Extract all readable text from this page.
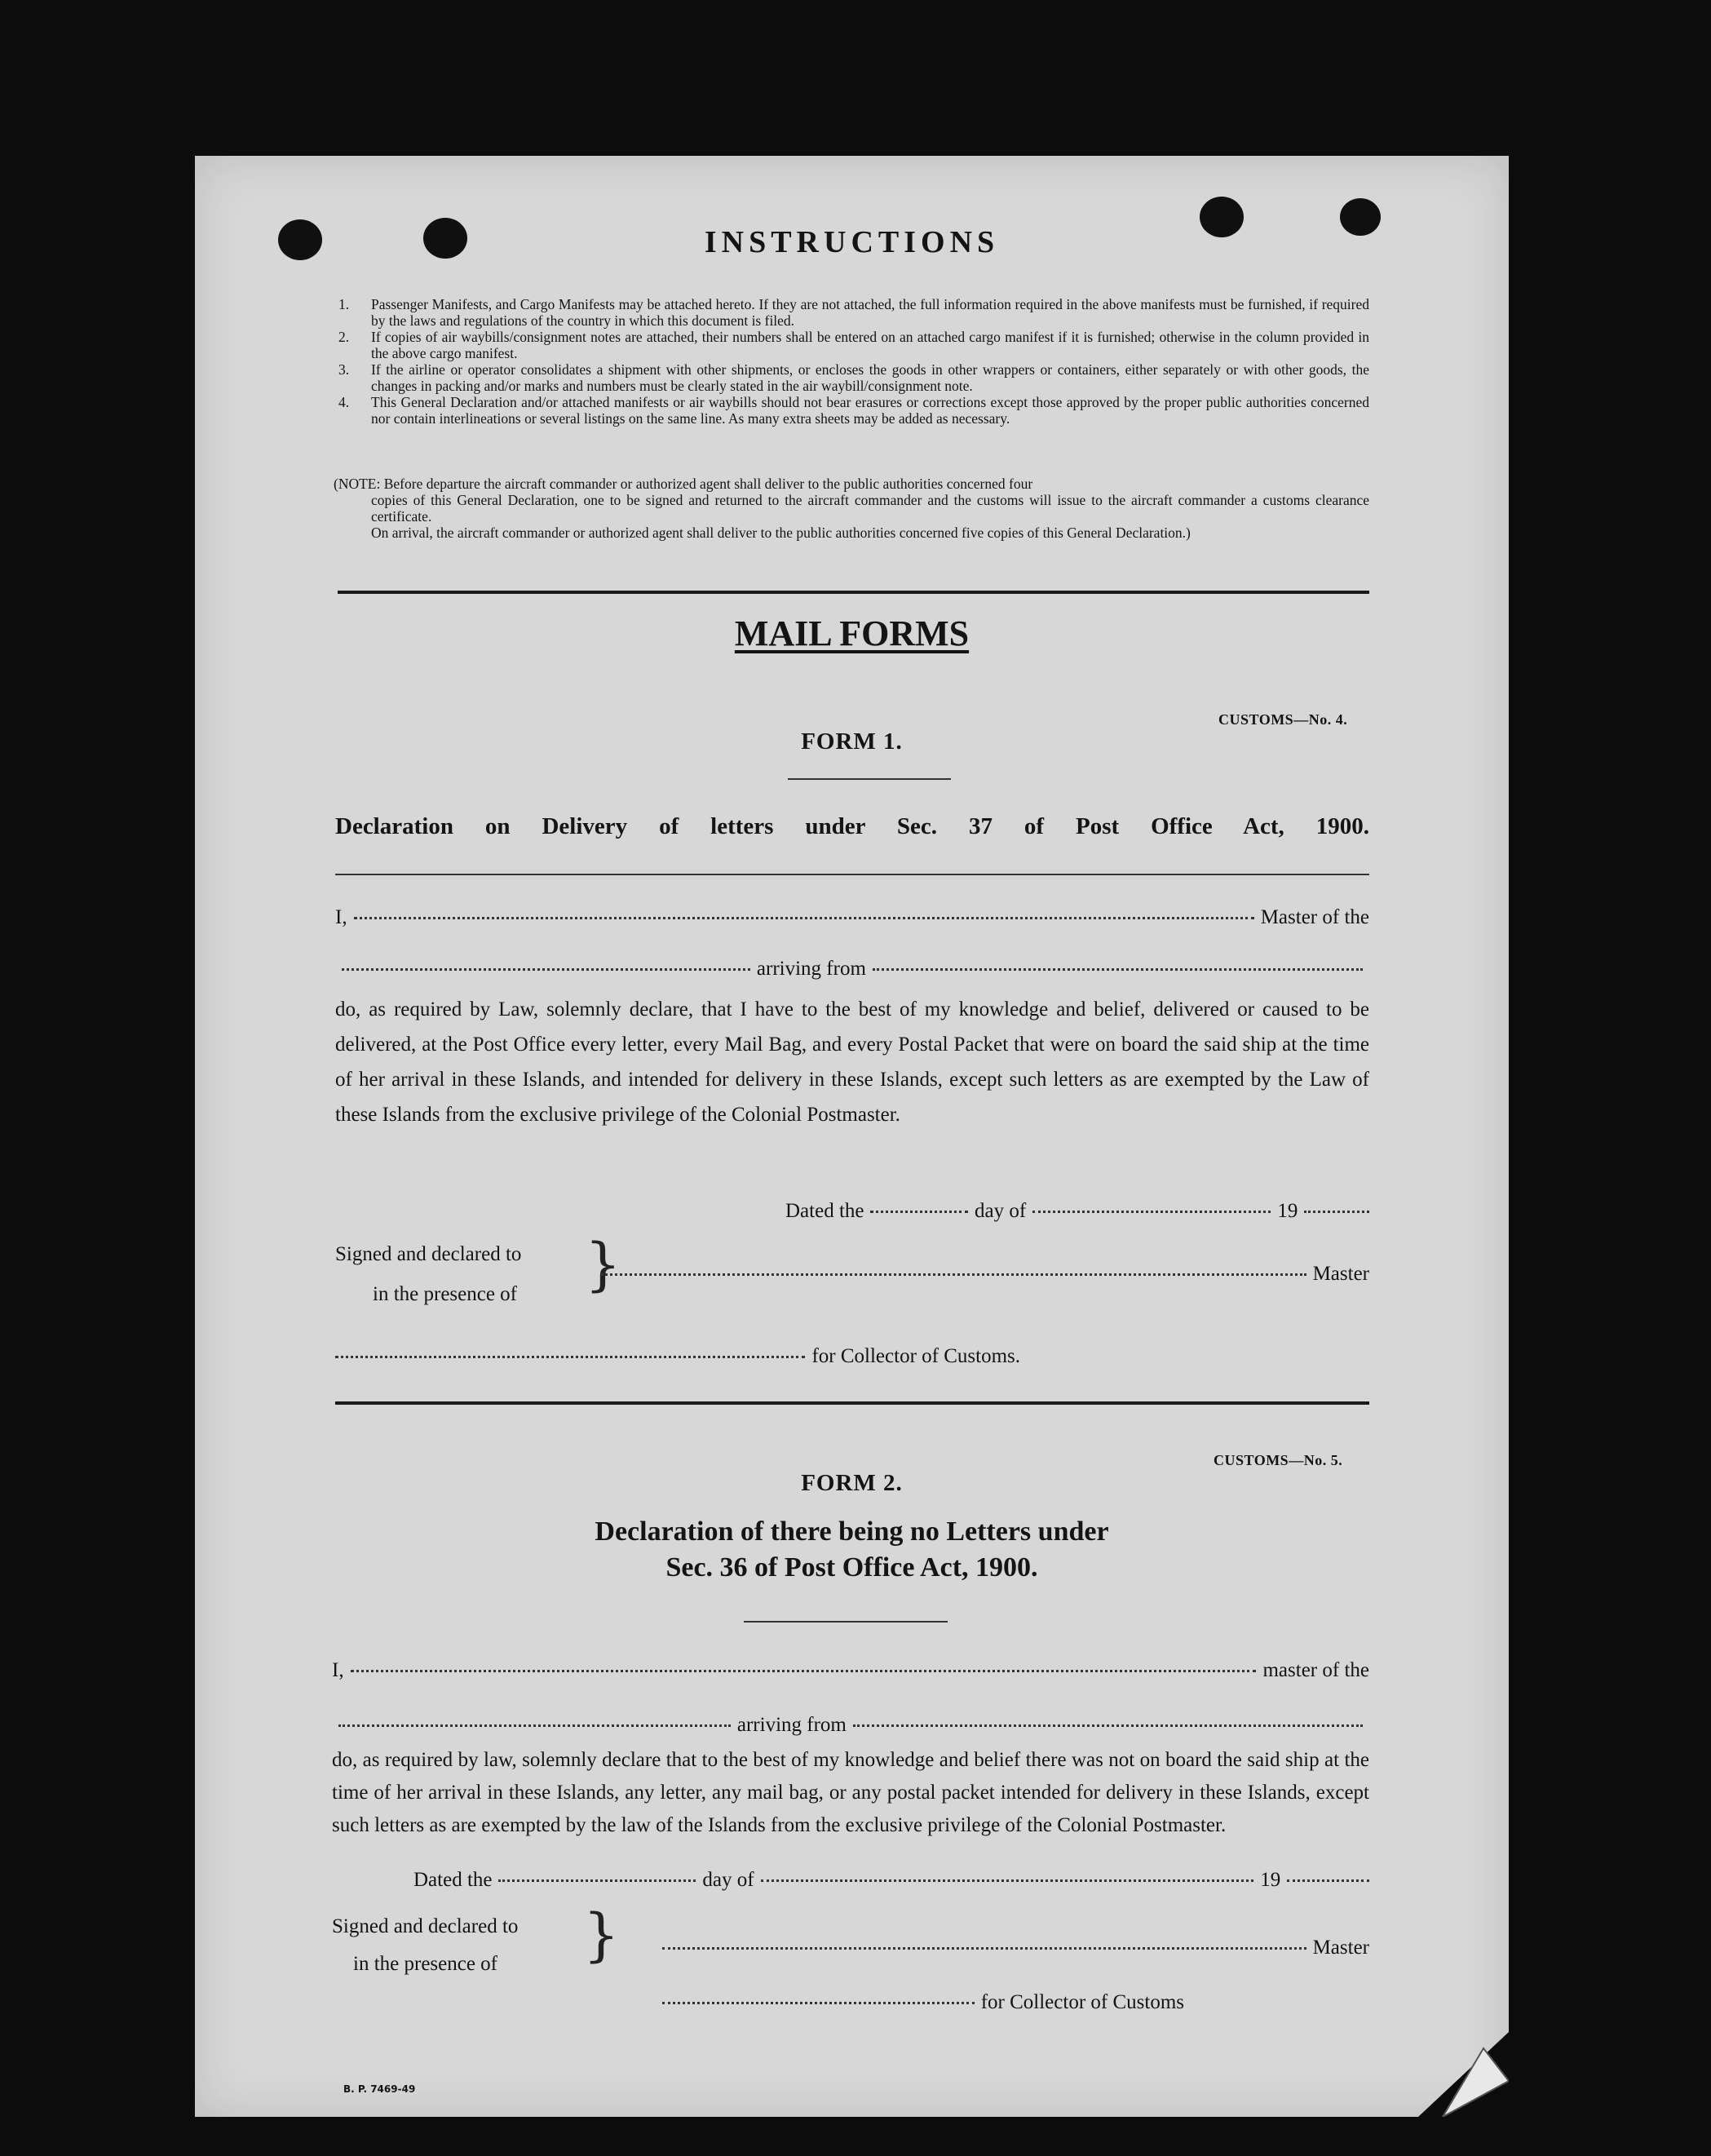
INSTRUCTIONS
1.	Passenger Manifests, and Cargo Manifests may be attached hereto. If they are not attached, the full information required in the above manifests must be furnished, if required by the laws and regulations of the country in which this document is filed.
2.	If copies of air waybills/consignment notes are attached, their numbers shall be entered on an attached cargo manifest if it is furnished; otherwise in the column provided in the above cargo manifest.
3.	If the airline or operator consolidates a shipment with other shipments, or encloses the goods in other wrappers or containers, either separately or with other goods, the changes in packing and/or marks and numbers must be clearly stated in the air waybill/consignment note.
4.	This General Declaration and/or attached manifests or air waybills should not bear erasures or corrections except those approved by the proper public authorities concerned nor contain interlineations or several listings on the same line. As many extra sheets may be added as necessary.
(NOTE: Before departure the aircraft commander or authorized agent shall deliver to the public authorities concerned four
copies of this General Declaration, one to be signed and returned to the aircraft commander and the customs will issue to the aircraft commander a customs clearance certificate.
On arrival, the aircraft commander or authorized agent shall deliver to the public authorities concerned five copies of this General Declaration.)
MAIL FORMS
CUSTOMS—No. 4.
FORM 1.
Declaration on Delivery of letters under Sec. 37 of Post Office Act, 1900.
I,	Master of the
arriving from
do, as required by Law, solemnly declare, that I have to the best of my knowledge and belief, delivered or caused to be delivered, at the Post Office every letter, every Mail Bag, and every Postal Packet that were on board the said ship at the time of her arrival in these Islands, and intended for delivery in these Islands, except such letters as are exempted by the Law of these Islands from the exclusive privilege of the Colonial Postmaster.
Dated the	day of	19
Signed and declared to
in the presence of }	Master
for Collector of Customs.
CUSTOMS—No. 5.
FORM 2.
Declaration of there being no Letters under
Sec. 36 of Post Office Act, 1900.
I,	master of the
arriving from
do, as required by law, solemnly declare that to the best of my knowledge and belief there was not on board the said ship at the time of her arrival in these Islands, any letter, any mail bag, or any postal packet intended for delivery in these Islands, except such letters as are exempted by the law of the Islands from the exclusive privilege of the Colonial Postmaster.
Dated the	day of	19
Signed and declared to
in the presence of }	Master
for Collector of Customs
B. P. 7469-49
